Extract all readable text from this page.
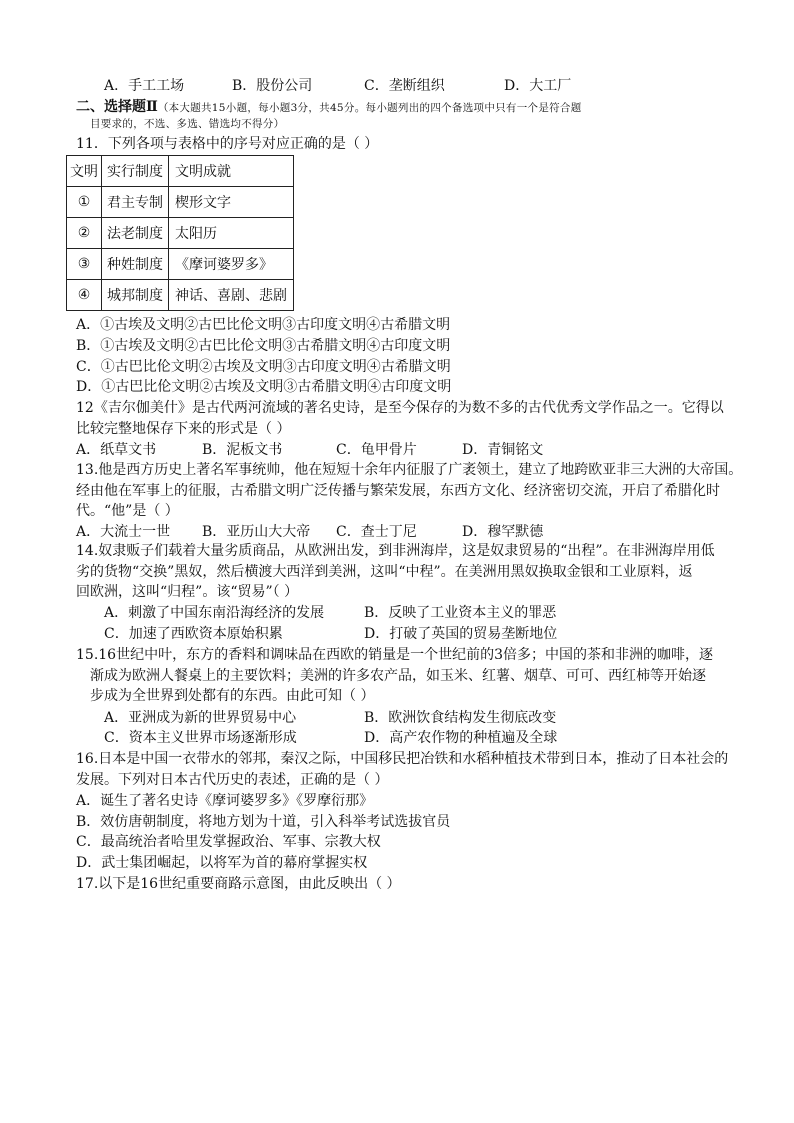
A．手工工场	B．股份公司	C．垄断组织	D．大工厂
二、选择题Ⅱ（本大题共15小题，每小题3分，共45分。每小题列出的四个备选项中只有一个是符合题
目要求的，不选、多选、错选均不得分）
11．下列各项与表格中的序号对应正确的是（ ）
文明	实行制度	文明成就
①	君主专制	楔形文字
②	法老制度	太阳历
③	种姓制度	《摩诃婆罗多》
④	城邦制度	神话、喜剧、悲剧
A．①古埃及文明②古巴比伦文明③古印度文明④古希腊文明
B．①古埃及文明②古巴比伦文明③古希腊文明④古印度文明
C．①古巴比伦文明②古埃及文明③古印度文明④古希腊文明
D．①古巴比伦文明②古埃及文明③古希腊文明④古印度文明
12《吉尔伽美什》是古代两河流域的著名史诗，是至今保存的为数不多的古代优秀文学作品之一。它得以
比较完整地保存下来的形式是（ ）
A．纸草文书	B．泥板文书	C．龟甲骨片	D．青铜铭文
13.他是西方历史上著名军事统帅，他在短短十余年内征服了广袤领土，建立了地跨欧亚非三大洲的大帝国。
经由他在军事上的征服，古希腊文明广泛传播与繁荣发展，东西方文化、经济密切交流，开启了希腊化时
代。“他”是（ ）
A．大流士一世 B．亚历山大大帝 C．查士丁尼	D．穆罕默德
14.奴隶贩子们载着大量劣质商品，从欧洲出发，到非洲海岸，这是奴隶贸易的“出程”。在非洲海岸用低
劣的货物“交换”黑奴，然后横渡大西洋到美洲，这叫“中程”。在美洲用黑奴换取金银和工业原料，返
回欧洲，这叫“归程”。该“贸易”（ ）
A．刺激了中国东南沿海经济的发展	B．反映了工业资本主义的罪恶
C．加速了西欧资本原始积累	D．打破了英国的贸易垄断地位
15.16世纪中叶，东方的香料和调味品在西欧的销量是一个世纪前的3倍多；中国的茶和非洲的咖啡，逐
渐成为欧洲人餐桌上的主要饮料；美洲的许多农产品，如玉米、红薯、烟草、可可、西红柿等开始逐
步成为全世界到处都有的东西。由此可知（ ）
A．亚洲成为新的世界贸易中心	B．欧洲饮食结构发生彻底改变
C．资本主义世界市场逐渐形成	D．高产农作物的种植遍及全球
16.日本是中国一衣带水的邻邦，秦汉之际，中国移民把冶铁和水稻种植技术带到日本，推动了日本社会的
发展。下列对日本古代历史的表述，正确的是（ ）
A．诞生了著名史诗《摩诃婆罗多》《罗摩衍那》
B．效仿唐朝制度，将地方划为十道，引入科举考试选拔官员
C．最高统治者哈里发掌握政治、军事、宗教大权
D．武士集团崛起，以将军为首的幕府掌握实权
17.以下是16世纪重要商路示意图，由此反映出（ ）
